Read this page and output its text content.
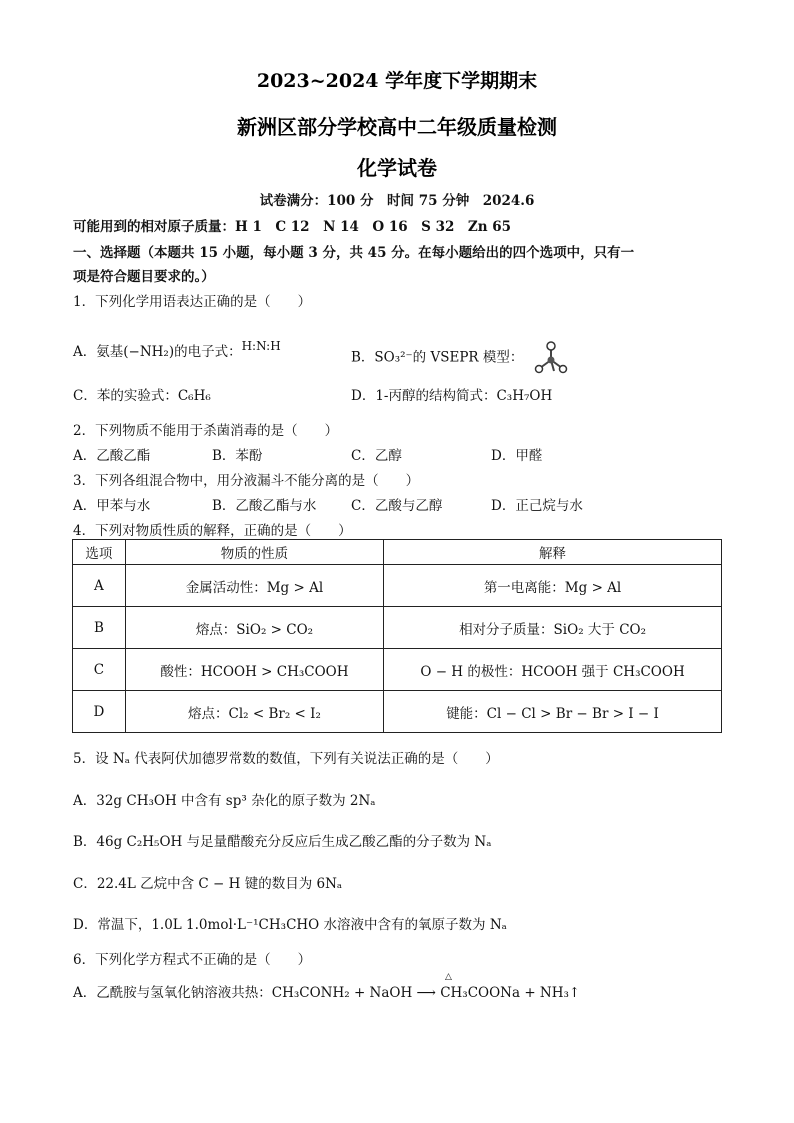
2023~2024 学年度下学期期末
新洲区部分学校高中二年级质量检测
化学试卷
试卷满分：100 分　时间 75 分钟　2024.6
可能用到的相对原子质量：H 1　C 12　N 14　O 16　S 32　Zn 65
一、选择题（本题共 15 小题，每小题 3 分，共 45 分。在每小题给出的四个选项中，只有一
项是符合题目要求的。）
1．下列化学用语表达正确的是（　　）
A．氨基(−NH₂)的电子式：H:N:H
B．SO₃²⁻的 VSEPR 模型：
C．苯的实验式：C₆H₆	D．1-丙醇的结构简式：C₃H₇OH
2．下列物质不能用于杀菌消毒的是（　　）
A．乙酸乙酯	B．苯酚	C．乙醇	D．甲醛
3．下列各组混合物中，用分液漏斗不能分离的是（　　）
A．甲苯与水	B．乙酸乙酯与水	C．乙酸与乙醇	D．正己烷与水
4．下列对物质性质的解释，正确的是（　　）
选项	物质的性质	解释
A	金属活动性：Mg > Al	第一电离能：Mg > Al
B	熔点：SiO₂ > CO₂	相对分子质量：SiO₂ 大于 CO₂
C	酸性：HCOOH > CH₃COOH	O − H 的极性：HCOOH 强于 CH₃COOH
D	熔点：Cl₂ < Br₂ < I₂	键能：Cl − Cl > Br − Br > I − I
5．设 Nₐ 代表阿伏加德罗常数的数值，下列有关说法正确的是（　　）
A．32g CH₃OH 中含有 sp³ 杂化的原子数为 2Nₐ
B．46g C₂H₅OH 与足量醋酸充分反应后生成乙酸乙酯的分子数为 Nₐ
C．22.4L 乙烷中含 C − H 键的数目为 6Nₐ
D．常温下，1.0L 1.0mol·L⁻¹CH₃CHO 水溶液中含有的氧原子数为 Nₐ
6．下列化学方程式不正确的是（　　）
A．乙酰胺与氢氧化钠溶液共热：CH₃CONH₂ + NaOH ⟶ CH₃COONa + NH₃↑
△
